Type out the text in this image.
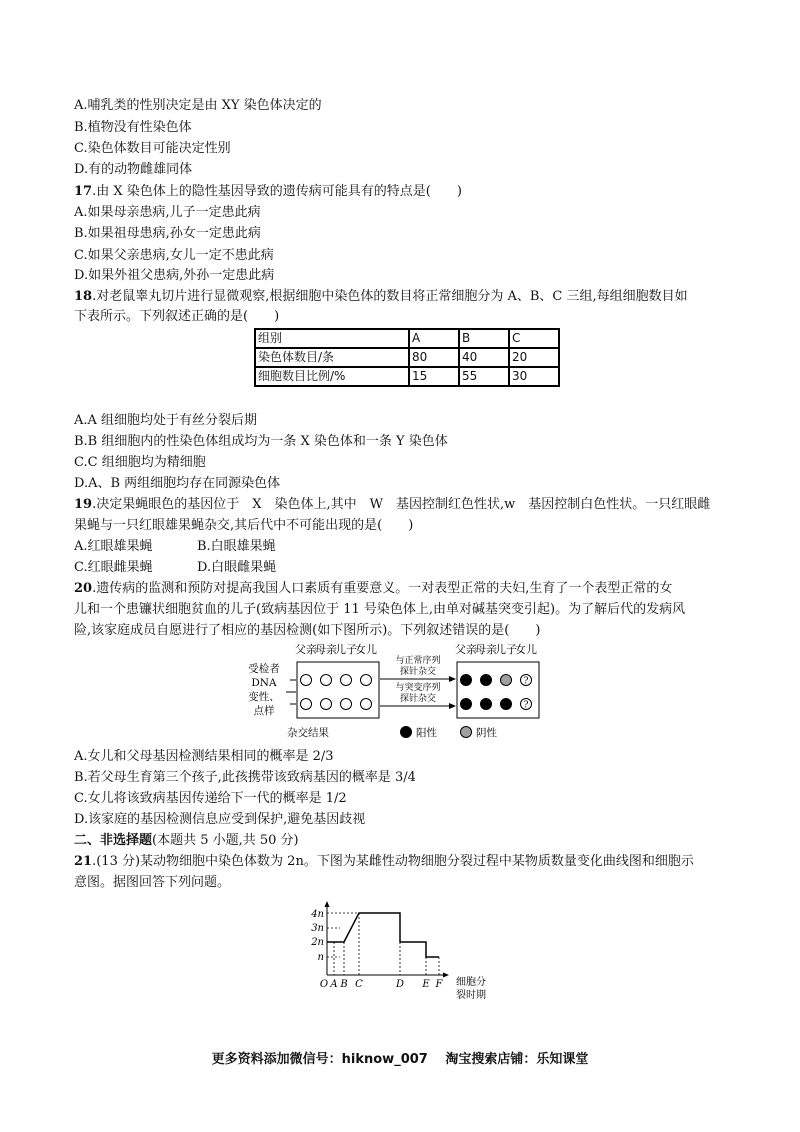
A.哺乳类的性别决定是由 XY 染色体决定的
B.植物没有性染色体
C.染色体数目可能决定性别
D.有的动物雌雄同体
17.由 X 染色体上的隐性基因导致的遗传病可能具有的特点是(　　)
A.如果母亲患病,儿子一定患此病
B.如果祖母患病,孙女一定患此病
C.如果父亲患病,女儿一定不患此病
D.如果外祖父患病,外孙一定患此病
18.对老鼠睾丸切片进行显微观察,根据细胞中染色体的数目将正常细胞分为 A、B、C 三组,每组细胞数目如
下表所示。下列叙述正确的是(　　)
组别	A	B	C
染色体数目/条	80	40	20
细胞数目比例/%	15	55	30
A.A 组细胞均处于有丝分裂后期
B.B 组细胞内的性染色体组成均为一条 X 染色体和一条 Y 染色体
C.C 组细胞均为精细胞
D.A、B 两组细胞均存在同源染色体
19.决定果蝇眼色的基因位于　X　染色体上,其中　W　基因控制红色性状,w　基因控制白色性状。一只红眼雌
果蝇与一只红眼雄果蝇杂交,其后代中不可能出现的是(　　)
A.红眼雄果蝇	B.白眼雄果蝇
C.红眼雌果蝇	D.白眼雌果蝇
20.遗传病的监测和预防对提高我国人口素质有重要意义。一对表型正常的夫妇,生育了一个表型正常的女
儿和一个患镰状细胞贫血的儿子(致病基因位于 11 号染色体上,由单对碱基突变引起)。为了解后代的发病风
险,该家庭成员自愿进行了相应的基因检测(如下图所示)。下列叙述错误的是(　　)
父亲
母亲
儿子
女儿	父亲
母亲
儿子
女儿
受检者
DNA
变性、
点样
与正常序列
探针杂交
与突变序列
探针杂交
?
?
杂交结果	阳性	阴性
A.女儿和父母基因检测结果相同的概率是 2/3
B.若父母生育第三个孩子,此孩携带该致病基因的概率是 3/4
C.女儿将该致病基因传递给下一代的概率是 1/2
D.该家庭的基因检测信息应受到保护,避免基因歧视
二、非选择题(本题共 5 小题,共 50 分)
21.(13 分)某动物细胞中染色体数为 2n。下图为某雌性动物细胞分裂过程中某物质数量变化曲线图和细胞示
意图。据图回答下列问题。
4n
3n
2n
n
O A B C	D E F 细胞分
裂时期
更多资料添加微信号：hiknow_007　 淘宝搜索店铺：乐知课堂
